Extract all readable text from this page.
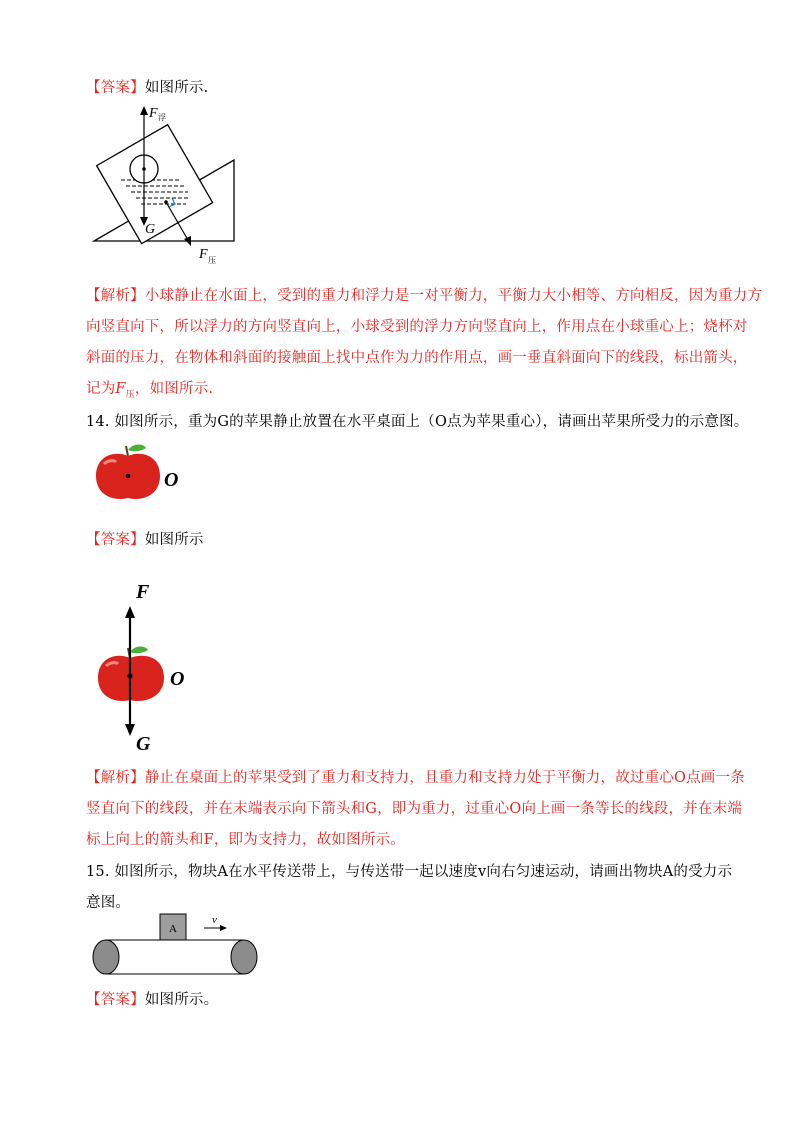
【答案】如图所示.
F 浮
G
F 压
【解析】小球静止在水面上，受到的重力和浮力是一对平衡力，平衡力大小相等、方向相反，因为重力方
向竖直向下，所以浮力的方向竖直向上，小球受到的浮力方向竖直向上，作用点在小球重心上；烧杯对
斜面的压力，在物体和斜面的接触面上找中点作为力的作用点，画一垂直斜面向下的线段，标出箭头，
记为$F_压$，如图所示.
14. 如图所示，重为G的苹果静止放置在水平桌面上（O点为苹果重心），请画出苹果所受力的示意图。
O
【答案】如图所示
F
O
G
【解析】静止在桌面上的苹果受到了重力和支持力，且重力和支持力处于平衡力，故过重心O点画一条
竖直向下的线段，并在末端表示向下箭头和G，即为重力，过重心O向上画一条等长的线段，并在末端
标上向上的箭头和F，即为支持力，故如图所示。
15. 如图所示，物块A在水平传送带上，与传送带一起以速度v向右匀速运动，请画出物块A的受力示
意图。
A
v
【答案】如图所示。
